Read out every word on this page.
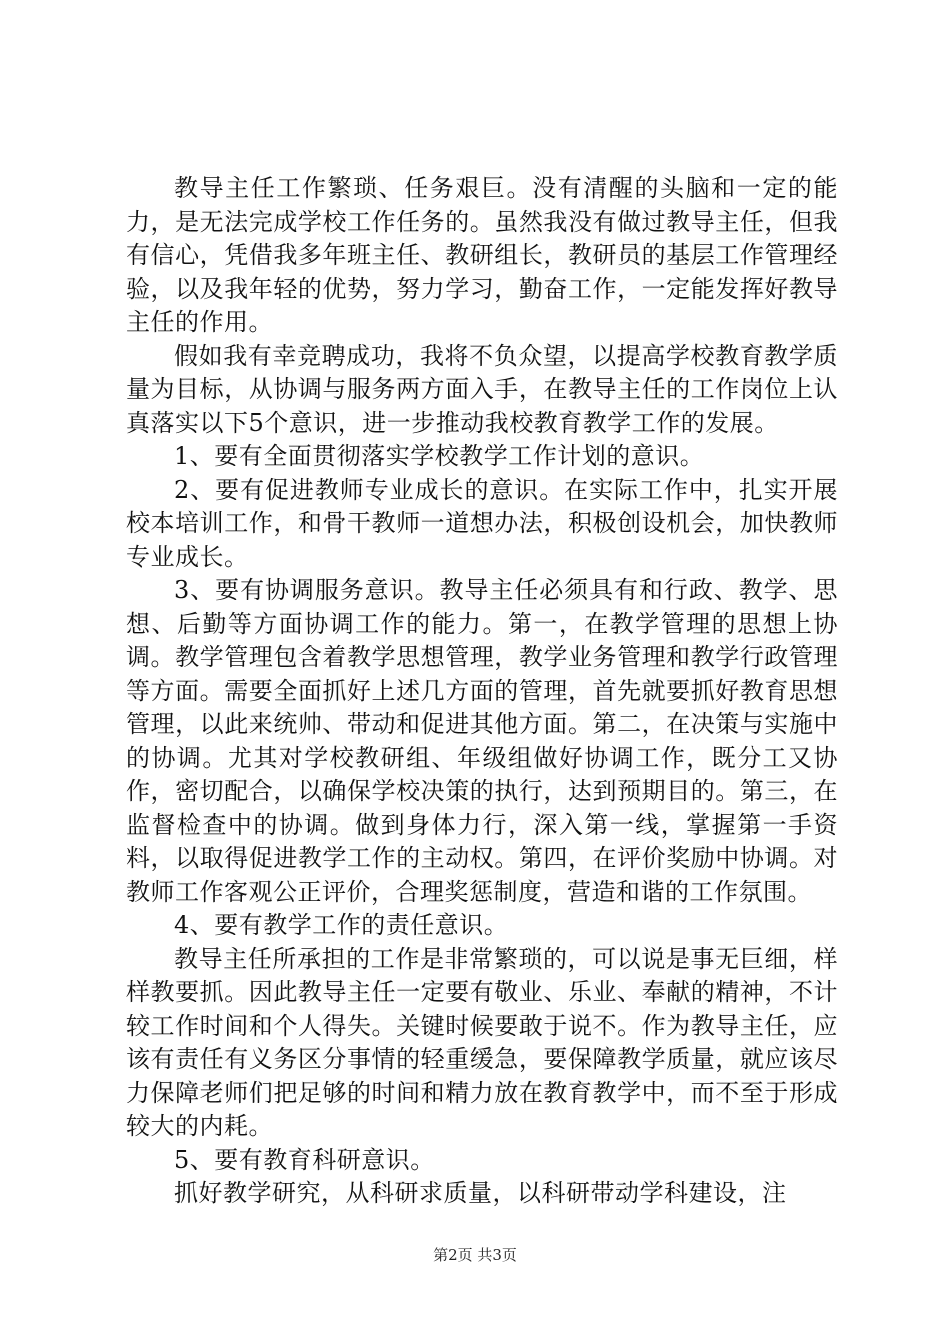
教导主任工作繁琐、任务艰巨。没有清醒的头脑和一定的能力，是无法完成学校工作任务的。虽然我没有做过教导主任，但我有信心，凭借我多年班主任、教研组长，教研员的基层工作管理经验，以及我年轻的优势，努力学习，勤奋工作，一定能发挥好教导主任的作用。

假如我有幸竞聘成功，我将不负众望，以提高学校教育教学质量为目标，从协调与服务两方面入手，在教导主任的工作岗位上认真落实以下5个意识，进一步推动我校教育教学工作的发展。

1、要有全面贯彻落实学校教学工作计划的意识。

2、要有促进教师专业成长的意识。在实际工作中，扎实开展校本培训工作，和骨干教师一道想办法，积极创设机会，加快教师专业成长。

3、要有协调服务意识。教导主任必须具有和行政、教学、思想、后勤等方面协调工作的能力。第一，在教学管理的思想上协调。教学管理包含着教学思想管理，教学业务管理和教学行政管理等方面。需要全面抓好上述几方面的管理，首先就要抓好教育思想管理，以此来统帅、带动和促进其他方面。第二，在决策与实施中的协调。尤其对学校教研组、年级组做好协调工作，既分工又协作，密切配合，以确保学校决策的执行，达到预期目的。第三，在监督检查中的协调。做到身体力行，深入第一线，掌握第一手资料，以取得促进教学工作的主动权。第四，在评价奖励中协调。对教师工作客观公正评价，合理奖惩制度，营造和谐的工作氛围。

4、要有教学工作的责任意识。

教导主任所承担的工作是非常繁琐的，可以说是事无巨细，样样教要抓。因此教导主任一定要有敬业、乐业、奉献的精神，不计较工作时间和个人得失。关键时候要敢于说不。作为教导主任，应该有责任有义务区分事情的轻重缓急，要保障教学质量，就应该尽力保障老师们把足够的时间和精力放在教育教学中，而不至于形成较大的内耗。

5、要有教育科研意识。

抓好教学研究，从科研求质量，以科研带动学科建设，注

第2页 共3页
